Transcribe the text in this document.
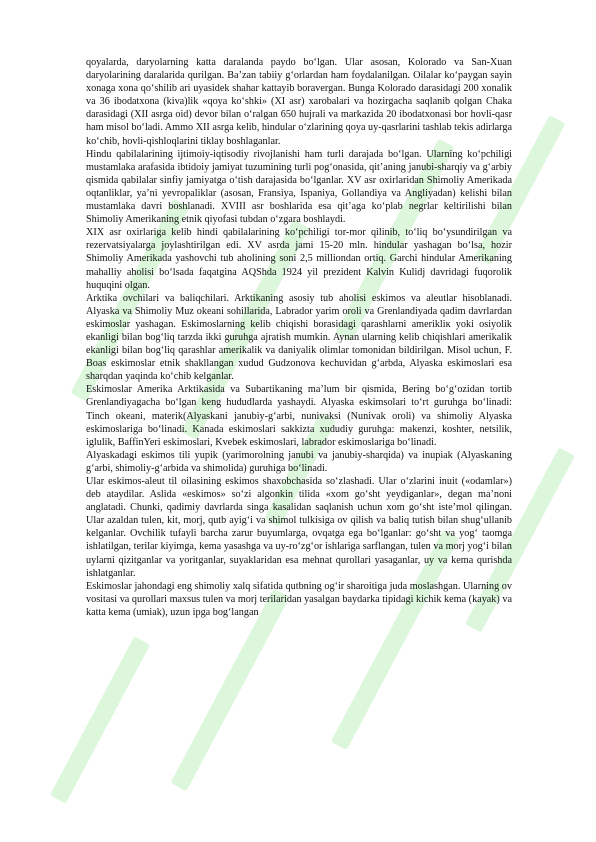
qoyalarda, daryolarning katta daralanda paydo bo‘lgan. Ular asosan, Kolorado va San-Xuan daryolarining daralarida qurilgan. Ba’zan tabiiy g‘orlardan ham foydalanilgan. Oilalar ko‘paygan sayin xonaga xona qo‘shilib ari uyasidek shahar kattayib boravergan. Bunga Kolorado darasidagi 200 xonalik va 36 ibodatxona (kiva)lik «qoya ko‘shki» (XI asr) xarobalari va hozirgacha saqlanib qolgan Chaka darasidagi (XII asrga oid) devor bilan o‘ralgan 650 hujrali va markazida 20 ibodatxonasi bor hovli-qasr ham misol bo‘ladi. Ammo XII asrga kelib, hindular o‘zlarining qoya uy-qasrlarini tashlab tekis adirlarga ko‘chib, hovli-qishloqlarini tiklay boshlaganlar.

Hindu qabilalarining ijtimoiy-iqtisodiy rivojlanishi ham turli darajada bo‘lgan. Ularning ko‘pchiligi mustamlaka arafasida ibtidoiy jamiyat tuzumining turli pog‘onasida, qit’aning janubi-sharqiy va g‘arbiy qismida qabilalar sinfiy jamiyatga o‘tish darajasida bo‘lganlar. XV asr oxirlaridan Shimoliy Amerikada oqtanliklar, ya’ni yevropaliklar (asosan, Fransiya, Ispaniya, Gollandiya va Angliyadan) kelishi bilan mustamlaka davri boshlanadi. XVIII asr boshlarida esa qit’aga ko‘plab negrlar keltirilishi bilan Shimoliy Amerikaning etnik qiyofasi tubdan o‘zgara boshlaydi.

XIX asr oxirlariga kelib hindi qabilalarining ko‘pchiligi tor-mor qilinib, to‘liq bo‘ysundirilgan va rezervatsiyalarga joylashtirilgan edi. XV asrda jami 15-20 mln. hindular yashagan bo‘lsa, hozir Shimoliy Amerikada yashovchi tub aholining soni 2,5 milliondan ortiq. Garchi hindular Amerikaning mahalliy aholisi bo‘lsada faqatgina AQShda 1924 yil prezident Kalvin Kulidj davridagi fuqorolik huquqini olgan.

Arktika ovchilari va baliqchilari. Arktikaning asosiy tub aholisi eskimos va aleutlar hisoblanadi. Alyaska va Shimoliy Muz okeani sohillarida, Labrador yarim oroli va Grenlandiyada qadim davrlardan eskimoslar yashagan. Eskimoslarning kelib chiqishi borasidagi qarashlarni amerikliк yoki osiyolik ekanligi bilan bog‘liq tarzda ikki guruhga ajratish mumkin. Aynan ularning kelib chiqishlari amerikalik ekanligi bilan bog‘liq qarashlar amerikalik va daniyalik olimlar tomonidan bildirilgan. Misol uchun, F. Boas eskimoslar etnik shakllangan xudud Gudzonova kechuvidan g‘arbda, Alyaska eskimoslari esa sharqdan yaqinda ko‘chib kelganlar.

Eskimoslar Amerika Arktikasida va Subartikaning ma’lum bir qismida, Bering bo‘g‘ozidan tortib Grenlandiyagacha bo‘lgan keng hududlarda yashaydi. Alyaska eskimsolari to‘rt guruhga bo‘linadi: Tinch okeani, materik(Alyaskani janubiy-g‘arbi, nunivaksi (Nunivak oroli) va shimoliy Alyaska eskimoslariga bo‘linadi. Kanada eskimoslari sakkizta xududiy guruhga: makenzi, koshter, netsilik, iglulik, BaffinYeri eskimoslari, Kvebek eskimoslari, labrador eskimoslariga bo‘linadi.

Alyaskadagi eskimos tili yupik (yarimorolning janubi va janubiy-sharqida) va inupiak (Alyaskaning g‘arbi, shimoliy-g‘arbida va shimolida) guruhiga bo‘linadi.

Ular eskimos-aleut til oilasining eskimos shaxobchasida so‘zlashadi. Ular o‘zlarini inuit («odamlar») deb ataydilar. Aslida «eskimos» so‘zi algonkin tilida «xom go‘sht yeydiganlar», degan ma’noni anglatadi. Chunki, qadimiy davrlarda singa kasalidan saqlanish uchun xom go‘sht iste’mol qilingan. Ular azaldan tulen, kit, morj, qutb ayig‘i va shimol tulkisiga ov qilish va baliq tutish bilan shug‘ullanib kelganlar. Ovchilik tufayli barcha zarur buyumlarga, ovqatga ega bo‘lganlar: go‘sht va yog‘ taomga ishlatilgan, terilar kiyimga, kema yasashga va uy-ro‘zg‘or ishlariga sarflangan, tulen va morj yog‘i bilan uylarni qizitganlar va yoritganlar, suyaklaridan esa mehnat qurollari yasaganlar, uy va kema qurishda ishlatganlar.

Eskimoslar jahondagi eng shimoliy xalq sifatida qutbning og‘ir sharoitiga juda moslashgan. Ularning ov vositasi va qurollari maxsus tulen va morj terilaridan yasalgan baydarka tipidagi kichik kema (kayak) va katta kema (umiak), uzun ipga bog‘langan
